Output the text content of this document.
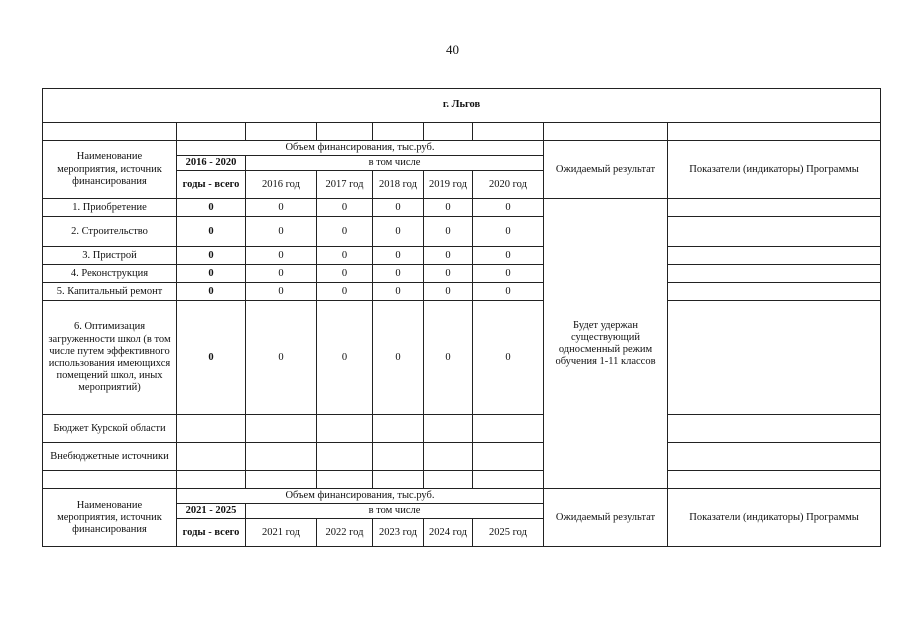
40
г. Льгов								

Наименование мероприятия, источник финансирования	Объем финансирования, тыс.руб.						Ожидаемый результат	Показатели (индикаторы) Программы
	2016 - 2020	в том числе						
	годы - всего	2016 год	2017 год	2018 год	2019 год	2020 год		
1. Приобретение	0	0	0	0	0	0	Будет удержан существующий односменный режим обучения 1-11 классов	
2. Строительство	0	0	0	0	0	0		
3. Пристрой	0	0	0	0	0	0		
4. Реконструкция	0	0	0	0	0	0		
5. Капитальный ремонт	0	0	0	0	0	0		
6. Оптимизация загруженности школ (в том числе путем эффективного использования имеющихся помещений школ, иных мероприятий)	0	0	0	0	0	0		
Бюджет Курской области								
Внебюджетные источники								

Наименование мероприятия, источник финансирования	Объем финансирования, тыс.руб.						Ожидаемый результат	Показатели (индикаторы) Программы
	2021 - 2025	в том числе						
	годы - всего	2021 год	2022 год	2023 год	2024 год	2025 год		
